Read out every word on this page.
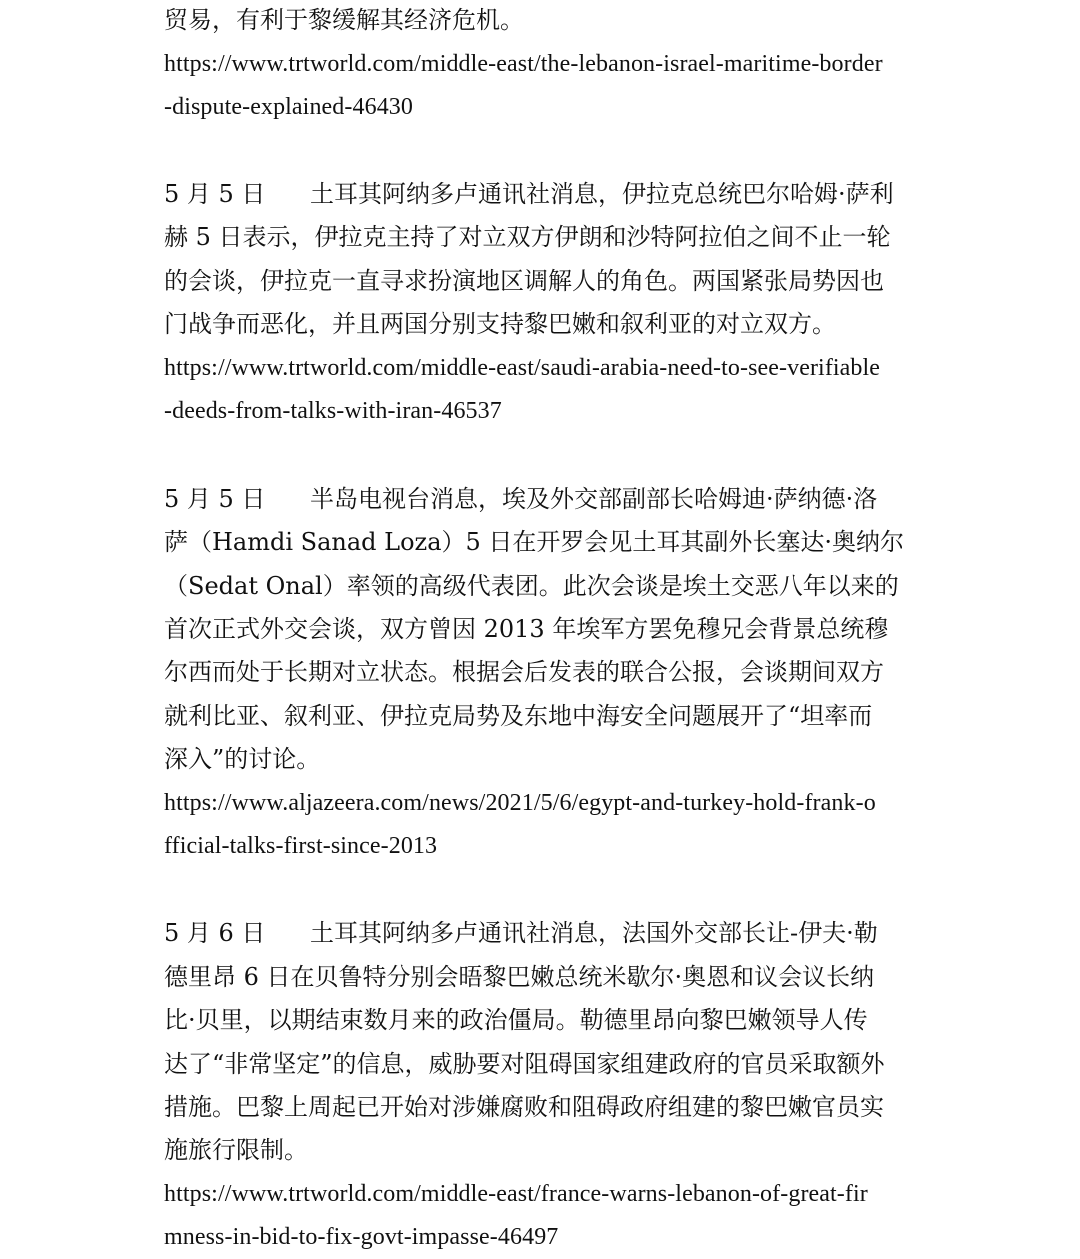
贸易，有利于黎缓解其经济危机。
https://www.trtworld.com/middle-east/the-lebanon-israel-maritime-border
-dispute-explained-46430
5 月 5 日 土耳其阿纳多卢通讯社消息，伊拉克总统巴尔哈姆·萨利
赫 5 日表示，伊拉克主持了对立双方伊朗和沙特阿拉伯之间不止一轮
的会谈，伊拉克一直寻求扮演地区调解人的角色。两国紧张局势因也
门战争而恶化，并且两国分别支持黎巴嫩和叙利亚的对立双方。
https://www.trtworld.com/middle-east/saudi-arabia-need-to-see-verifiable
-deeds-from-talks-with-iran-46537
5 月 5 日 半岛电视台消息，埃及外交部副部长哈姆迪·萨纳德·洛
萨（Hamdi Sanad Loza）5 日在开罗会见土耳其副外长塞达·奥纳尔
（Sedat Onal）率领的高级代表团。此次会谈是埃土交恶八年以来的
首次正式外交会谈，双方曾因 2013 年埃军方罢免穆兄会背景总统穆
尔西而处于长期对立状态。根据会后发表的联合公报，会谈期间双方
就利比亚、叙利亚、伊拉克局势及东地中海安全问题展开了“坦率而
深入”的讨论。
https://www.aljazeera.com/news/2021/5/6/egypt-and-turkey-hold-frank-o
fficial-talks-first-since-2013
5 月 6 日 土耳其阿纳多卢通讯社消息，法国外交部长让-伊夫·勒
德里昂 6 日在贝鲁特分别会晤黎巴嫩总统米歇尔·奥恩和议会议长纳
比·贝里，以期结束数月来的政治僵局。勒德里昂向黎巴嫩领导人传
达了“非常坚定”的信息，威胁要对阻碍国家组建政府的官员采取额外
措施。巴黎上周起已开始对涉嫌腐败和阻碍政府组建的黎巴嫩官员实
施旅行限制。
https://www.trtworld.com/middle-east/france-warns-lebanon-of-great-fir
mness-in-bid-to-fix-govt-impasse-46497
